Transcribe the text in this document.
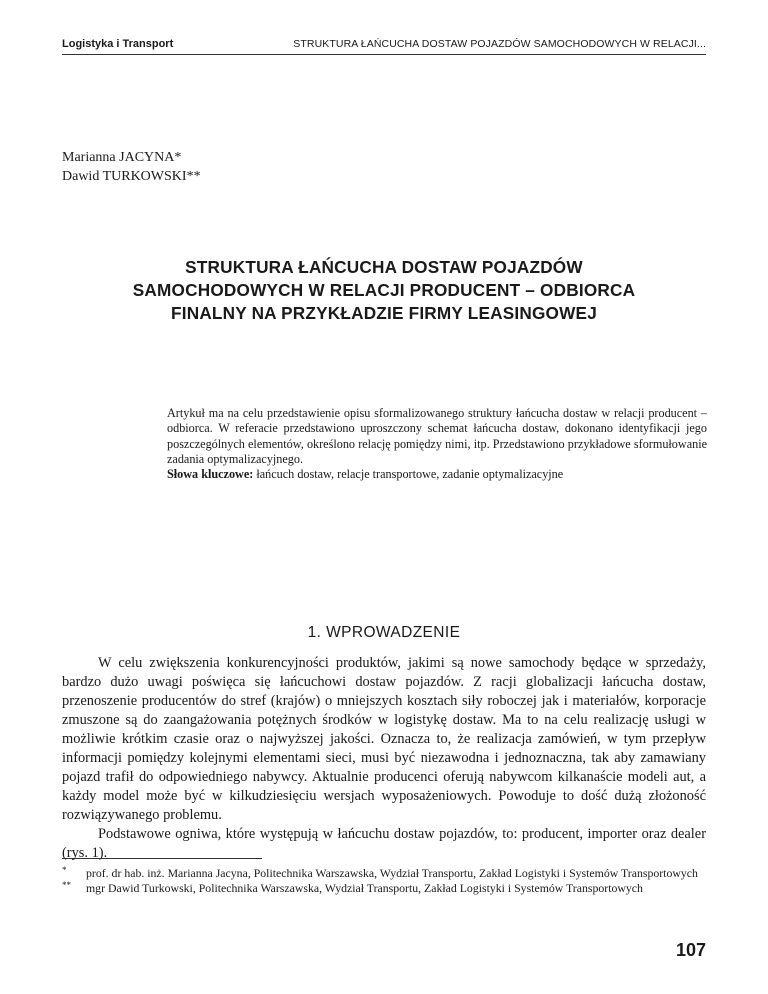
Logistyka i Transport	STRUKTURA ŁAŃCUCHA DOSTAW POJAZDÓW SAMOCHODOWYCH W RELACJI...
Marianna JACYNA*
Dawid TURKOWSKI**
STRUKTURA ŁAŃCUCHA DOSTAW POJAZDÓW
SAMOCHODOWYCH W RELACJI PRODUCENT – ODBIORCA
FINALNY NA PRZYKŁADZIE FIRMY LEASINGOWEJ

Artykuł ma na celu przedstawienie opisu sformalizowanego struktury łańcucha dostaw w relacji producent – odbiorca. W referacie przedstawiono uproszczony schemat łańcucha dostaw, dokonano identyfikacji jego poszczególnych elementów, określono relację pomiędzy nimi, itp. Przedstawiono przykładowe sformułowanie zadania optymalizacyjnego.

Słowa kluczowe: łańcuch dostaw, relacje transportowe, zadanie optymalizacyjne

1. WPROWADZENIE

W celu zwiększenia konkurencyjności produktów, jakimi są nowe samochody będące w sprzedaży, bardzo dużo uwagi poświęca się łańcuchowi dostaw pojazdów. Z racji globalizacji łańcucha dostaw, przenoszenie producentów do stref (krajów) o mniejszych kosztach siły roboczej jak i materiałów, korporacje zmuszone są do zaangażowania potężnych środków w logistykę dostaw. Ma to na celu realizację usługi w możliwie krótkim czasie oraz o najwyższej jakości. Oznacza to, że realizacja zamówień, w tym przepływ informacji pomiędzy kolejnymi elementami sieci, musi być niezawodna i jednoznaczna, tak aby zamawiany pojazd trafił do odpowiedniego nabywcy. Aktualnie producenci oferują nabywcom kilkanaście modeli aut, a każdy model może być w kilkudziesięciu wersjach wyposażeniowych. Powoduje to dość dużą złożoność rozwiązywanego problemu.

Podstawowe ogniwa, które występują w łańcuchu dostaw pojazdów, to: producent, importer oraz dealer (rys. 1).

* prof. dr hab. inż. Marianna Jacyna, Politechnika Warszawska, Wydział Transportu, Zakład Logistyki i Systemów Transportowych
** mgr Dawid Turkowski, Politechnika Warszawska, Wydział Transportu, Zakład Logistyki i Systemów Transportowych
107
